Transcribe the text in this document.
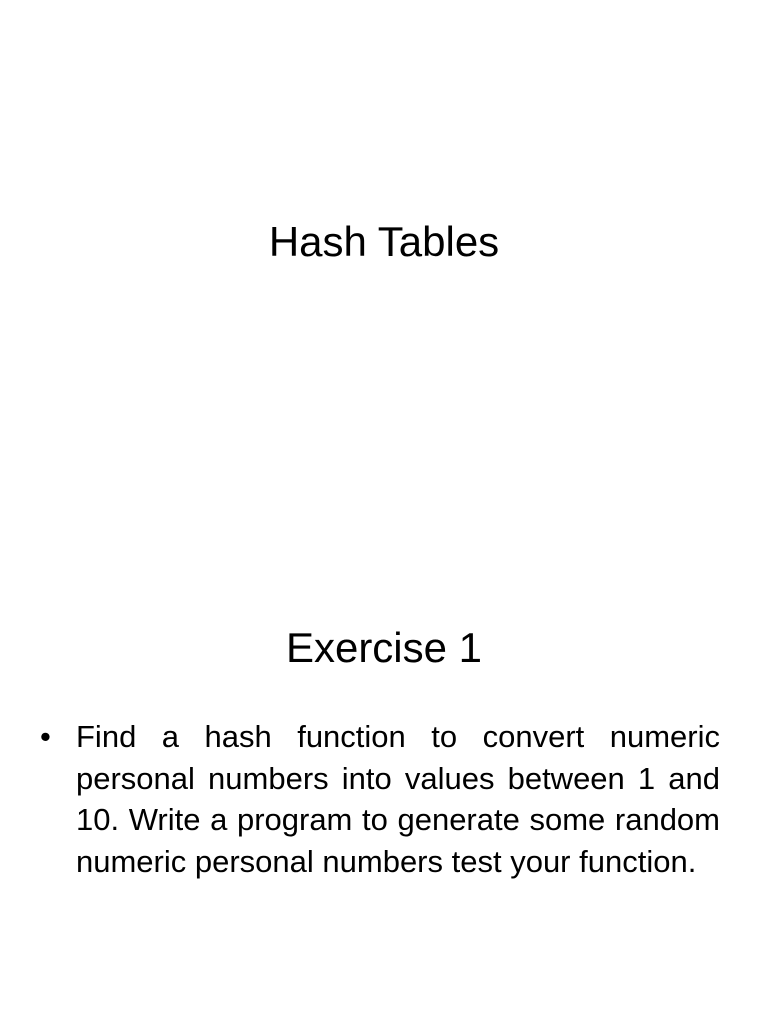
Hash Tables
Exercise 1
• Find a hash function to convert numeric personal numbers into values between 1 and 10. Write a program to generate some random numeric personal numbers test your function.
